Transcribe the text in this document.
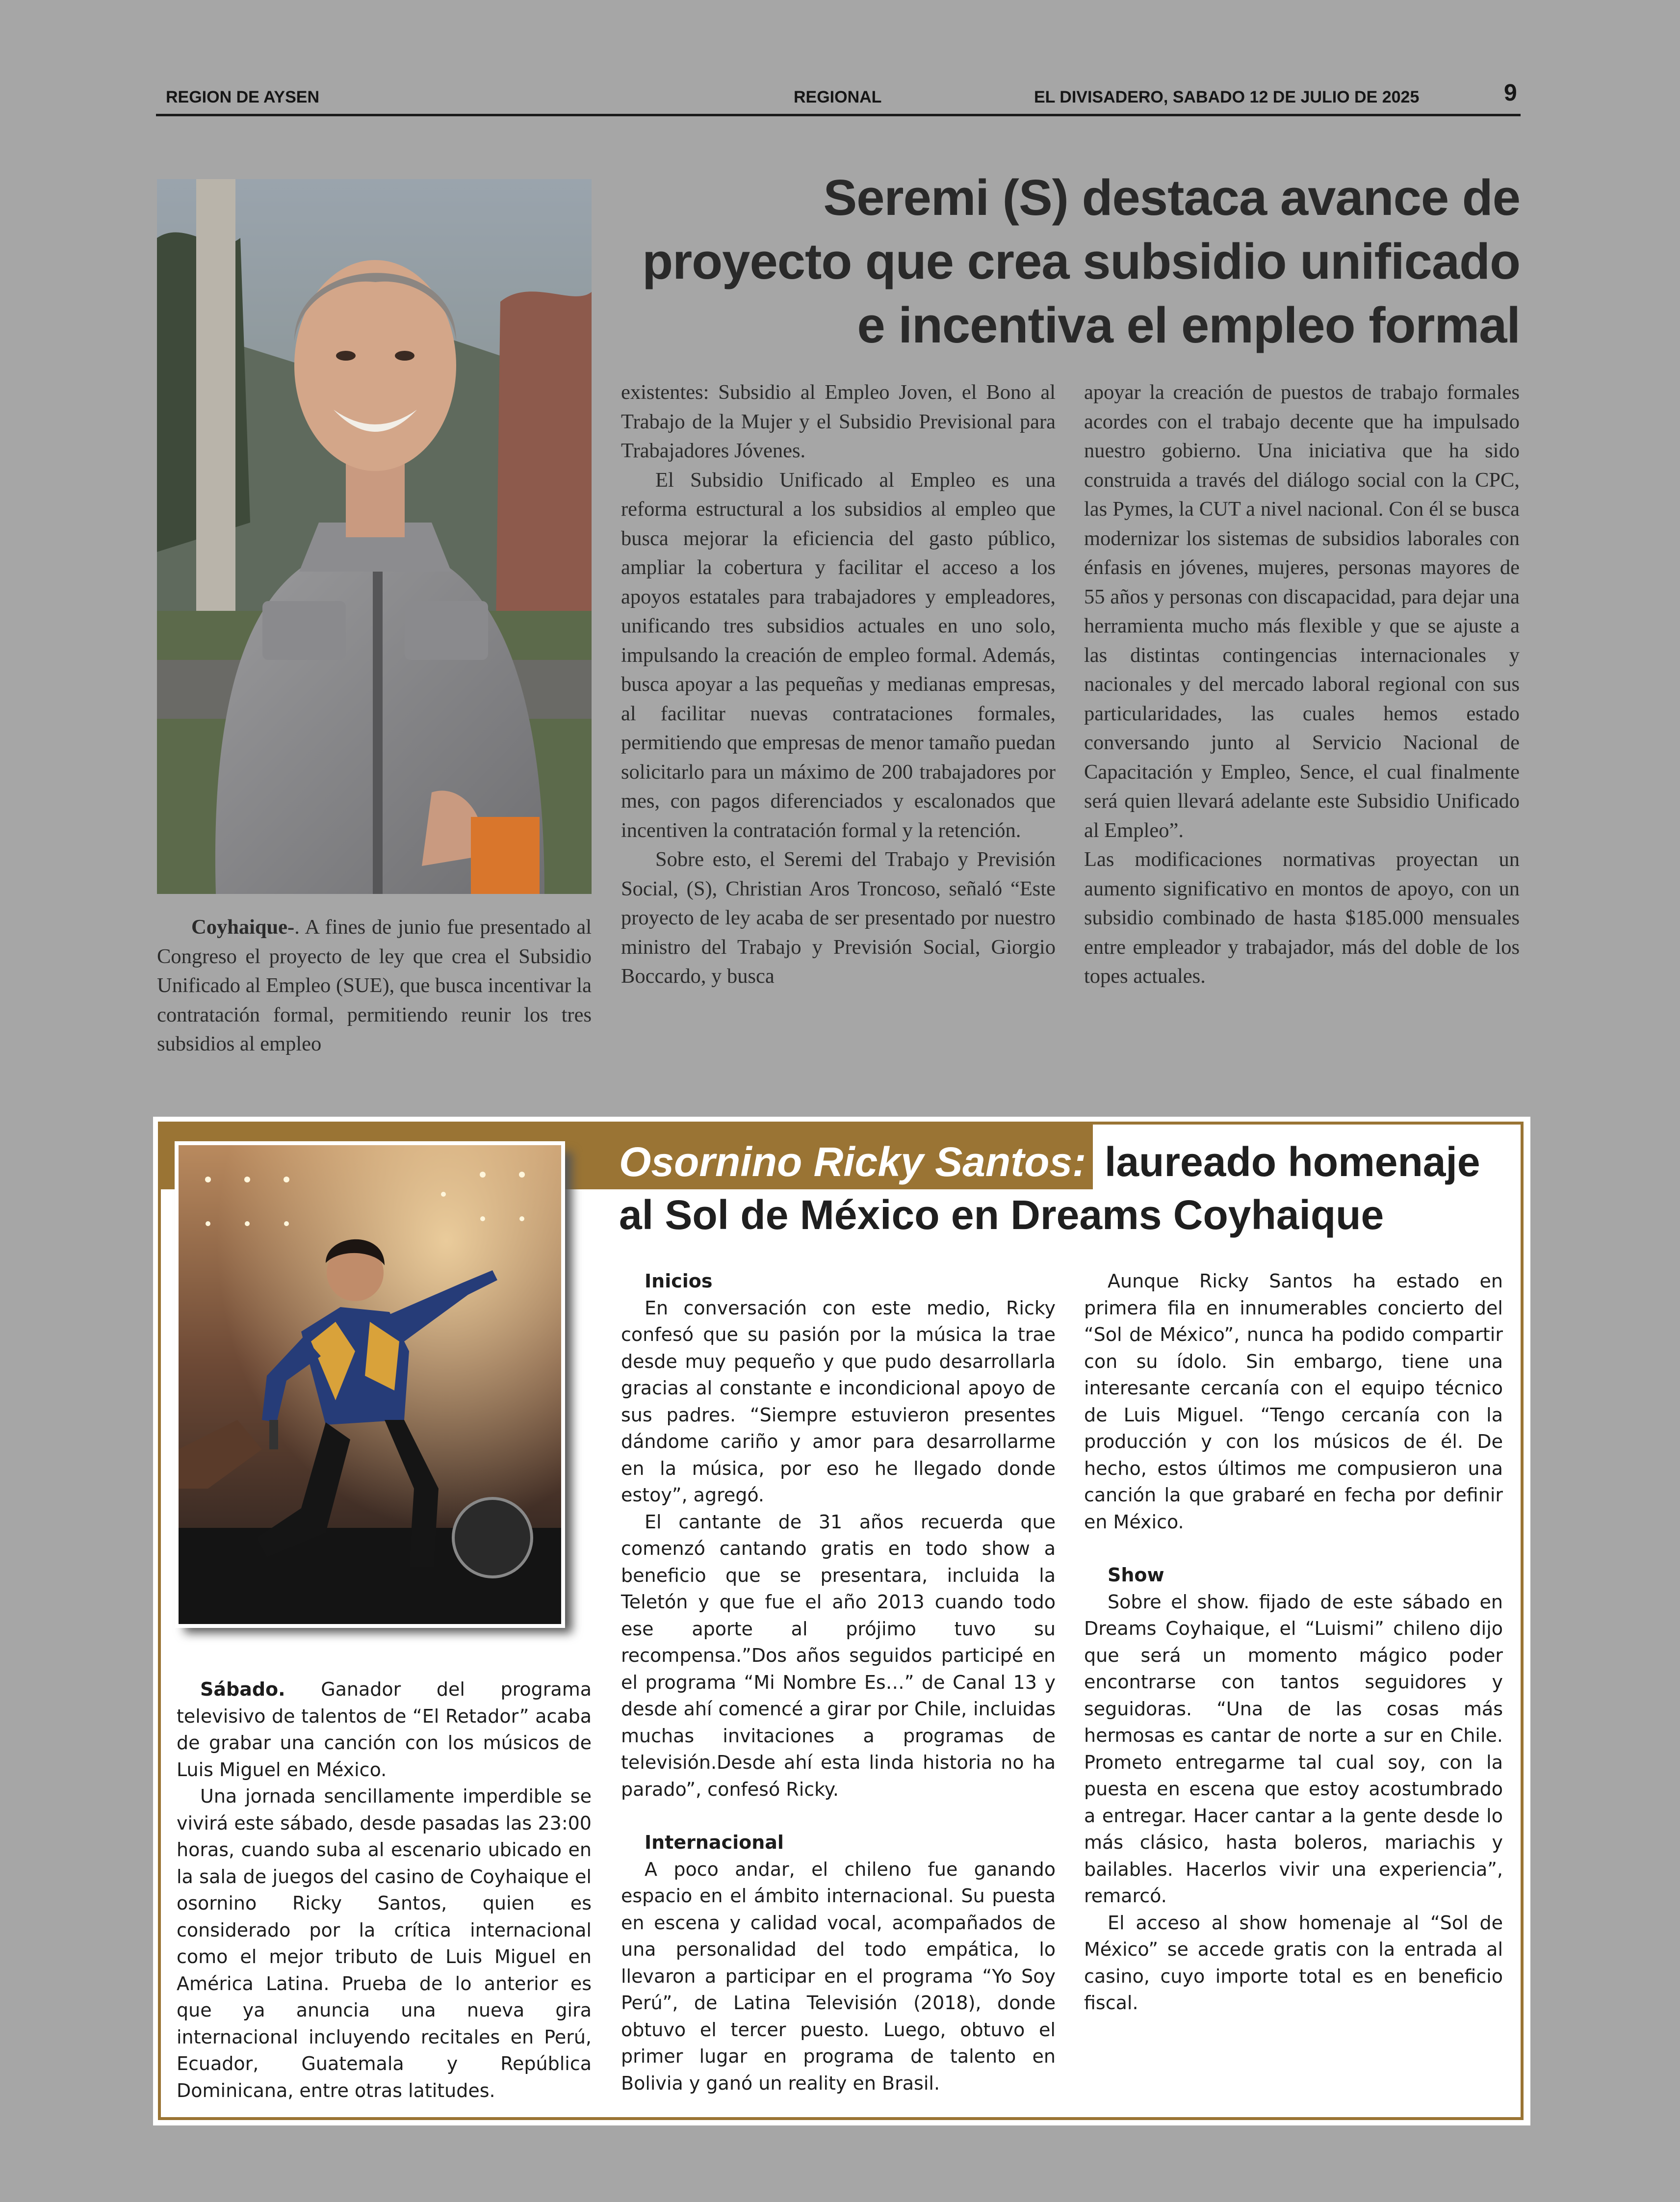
REGION DE AYSEN	REGIONAL	EL DIVISADERO, SABADO 12 DE JULIO DE 2025	9
Seremi (S) destaca avance de
proyecto que crea subsidio unificado
e incentiva el empleo formal

Coyhaique-. A fines de junio fue presentado al Congreso el proyecto de ley que crea el Subsidio Unificado al Empleo (SUE), que busca incentivar la contratación formal, permitiendo reunir los tres subsidios al empleo

existentes: Subsidio al Empleo Joven, el Bono al Trabajo de la Mujer y el Subsidio Previsional para Trabajadores Jóvenes.

El Subsidio Unificado al Empleo es una reforma estructural a los subsidios al empleo que busca mejorar la eficiencia del gasto público, ampliar la cobertura y facilitar el acceso a los apoyos estatales para trabajadores y empleadores, unificando tres subsidios actuales en uno solo, impulsando la creación de empleo formal. Además, busca apoyar a las pequeñas y medianas empresas, al facilitar nuevas contrataciones formales, permitiendo que empresas de menor tamaño puedan solicitarlo para un máximo de 200 trabajadores por mes, con pagos diferenciados y escalonados que incentiven la contratación formal y la retención.

Sobre esto, el Seremi del Trabajo y Previsión Social, (S), Christian Aros Troncoso, señaló “Este proyecto de ley acaba de ser presentado por nuestro ministro del Trabajo y Previsión Social, Giorgio Boccardo, y busca

apoyar la creación de puestos de trabajo formales acordes con el trabajo decente que ha impulsado nuestro gobierno. Una iniciativa que ha sido construida a través del diálogo social con la CPC, las Pymes, la CUT a nivel nacional. Con él se busca modernizar los sistemas de subsidios laborales con énfasis en jóvenes, mujeres, personas mayores de 55 años y personas con discapacidad, para dejar una herramienta mucho más flexible y que se ajuste a las distintas contingencias internacionales y nacionales y del mercado laboral regional con sus particularidades, las cuales hemos estado conversando junto al Servicio Nacional de Capacitación y Empleo, Sence, el cual finalmente será quien llevará adelante este Subsidio Unificado al Empleo”.

Las modificaciones normativas proyectan un aumento significativo en montos de apoyo, con un subsidio combinado de hasta $185.000 mensuales entre empleador y trabajador, más del doble de los topes actuales.

Osornino Ricky Santos: laureado homenaje
al Sol de México en Dreams Coyhaique

Sábado. Ganador del programa televisivo de talentos de “El Retador” acaba de grabar una canción con los músicos de Luis Miguel en México.

Una jornada sencillamente imperdible se vivirá este sábado, desde pasadas las 23:00 horas, cuando suba al escenario ubicado en la sala de juegos del casino de Coyhaique el osornino Ricky Santos, quien es considerado por la crítica internacional como el mejor tributo de Luis Miguel en América Latina. Prueba de lo anterior es que ya anuncia una nueva gira internacional incluyendo recitales en Perú, Ecuador, Guatemala y República Dominicana, entre otras latitudes.

Inicios

En conversación con este medio, Ricky confesó que su pasión por la música la trae desde muy pequeño y que pudo desarrollarla gracias al constante e incondicional apoyo de sus padres. “Siempre estuvieron presentes dándome cariño y amor para desarrollarme en la música, por eso he llegado donde estoy”, agregó.

El cantante de 31 años recuerda que comenzó cantando gratis en todo show a beneficio que se presentara, incluida la Teletón y que fue el año 2013 cuando todo ese aporte al prójimo tuvo su recompensa.”Dos años seguidos participé en el programa “Mi Nombre Es…” de Canal 13 y desde ahí comencé a girar por Chile, incluidas muchas invitaciones a programas de televisión.Desde ahí esta linda historia no ha parado”, confesó Ricky.

Internacional

A poco andar, el chileno fue ganando espacio en el ámbito internacional. Su puesta en escena y calidad vocal, acompañados de una personalidad del todo empática, lo llevaron a participar en el programa “Yo Soy Perú”, de Latina Televisión (2018), donde obtuvo el tercer puesto. Luego, obtuvo el primer lugar en programa de talento en Bolivia y ganó un reality en Brasil.

Aunque Ricky Santos ha estado en primera fila en innumerables concierto del “Sol de México”, nunca ha podido compartir con su ídolo. Sin embargo, tiene una interesante cercanía con el equipo técnico de Luis Miguel. “Tengo cercanía con la producción y con los músicos de él. De hecho, estos últimos me compusieron una canción la que grabaré en fecha por definir en México.

Show

Sobre el show. fijado de este sábado en Dreams Coyhaique, el “Luismi” chileno dijo que será un momento mágico poder encontrarse con tantos seguidores y seguidoras. “Una de las cosas más hermosas es cantar de norte a sur en Chile. Prometo entregarme tal cual soy, con la puesta en escena que estoy acostumbrado a entregar. Hacer cantar a la gente desde lo más clásico, hasta boleros, mariachis y bailables. Hacerlos vivir una experiencia”, remarcó.

El acceso al show homenaje al “Sol de México” se accede gratis con la entrada al casino, cuyo importe total es en beneficio fiscal.
